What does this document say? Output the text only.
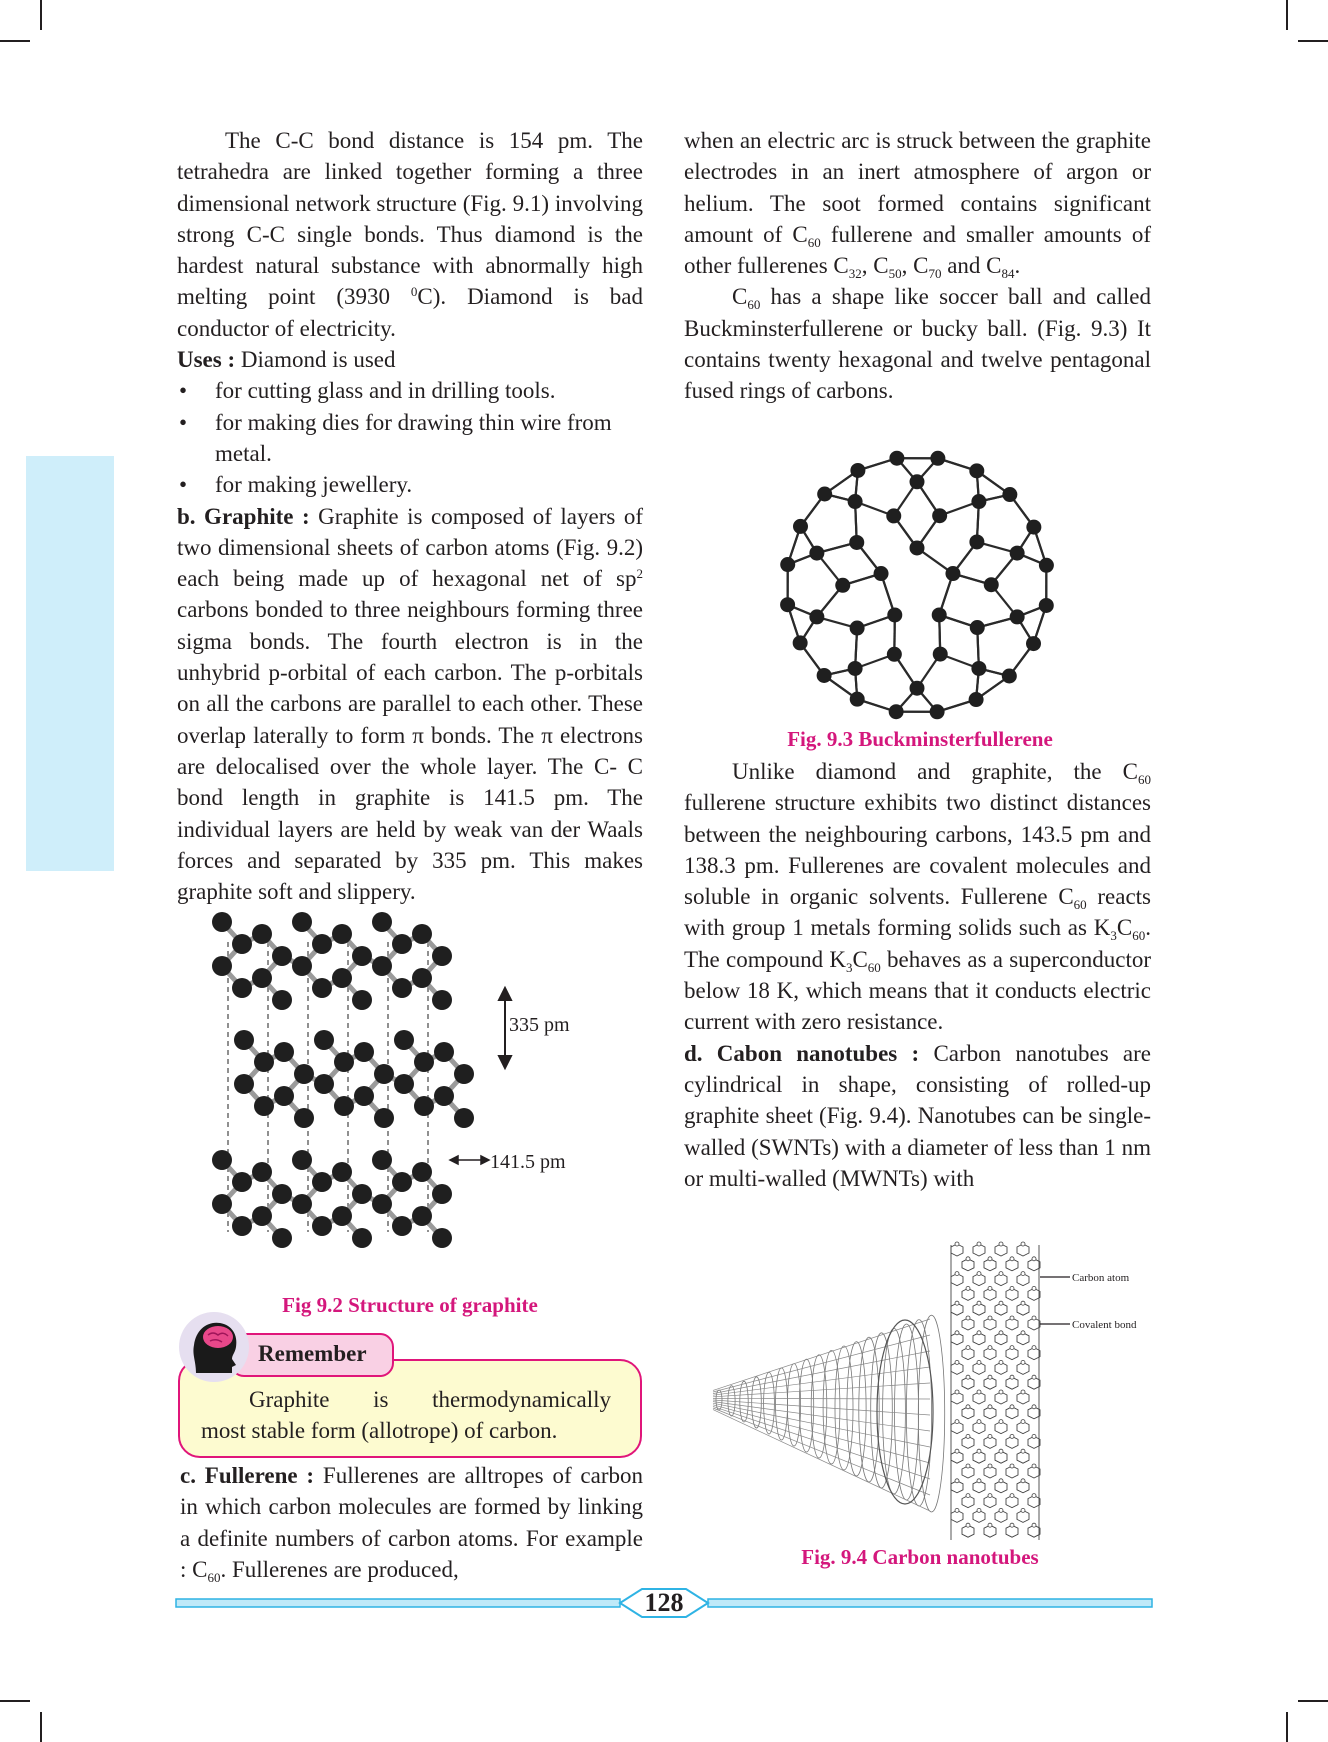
The C-C bond distance is 154 pm. The tetrahedra are linked together forming a three dimensional network structure (Fig. 9.1) involving strong C-C single bonds. Thus diamond is the hardest natural substance with abnormally high melting point (3930 $^0$C). Diamond is bad conductor of electricity.

Uses : Diamond is used

• for cutting glass and in drilling tools.
• for making dies for drawing thin wire from metal.
• for making jewellery.

b. Graphite : Graphite is composed of layers of two dimensional sheets of carbon atoms (Fig. 9.2) each being made up of hexagonal net of $sp^2$ carbons bonded to three neighbours forming three sigma bonds. The fourth electron is in the unhybrid p-orbital of each carbon. The p-orbitals on all the carbons are parallel to each other. These overlap laterally to form π bonds. The π electrons are delocalised over the whole layer. The C- C bond length in graphite is 141.5 pm. The individual layers are held by weak van der Waals forces and separated by 335 pm. This makes graphite soft and slippery.

335 pm
141.5 pm
Fig 9.2 Structure of graphite
Remember

Graphite is thermodynamically

most stable form (allotrope) of carbon.

c. Fullerene : Fullerenes are alltropes of carbon in which carbon molecules are formed by linking a definite numbers of carbon atoms. For example : $C_{60}$. Fullerenes are produced,

when an electric arc is struck between the graphite electrodes in an inert atmosphere of argon or helium. The soot formed contains significant amount of $C_{60}$ fullerene and smaller amounts of other fullerenes $C_{32}$, $C_{50}$, $C_{70}$ and $C_{84}$.

$C_{60}$ has a shape like soccer ball and called Buckminsterfullerene or bucky ball. (Fig. 9.3) It contains twenty hexagonal and twelve pentagonal fused rings of carbons.

Fig. 9.3 Buckminsterfullerene

Unlike diamond and graphite, the $C_{60}$ fullerene structure exhibits two distinct distances between the neighbouring carbons, 143.5 pm and 138.3 pm. Fullerenes are covalent molecules and soluble in organic solvents. Fullerene $C_{60}$ reacts with group 1 metals forming solids such as $K_3C_{60}$. The compound $K_3C_{60}$ behaves as a superconductor below 18 K, which means that it conducts electric current with zero resistance.

d. Cabon nanotubes : Carbon nanotubes are cylindrical in shape, consisting of rolled-up graphite sheet (Fig. 9.4). Nanotubes can be single-walled (SWNTs) with a diameter of less than 1 nm or multi-walled (MWNTs) with

Carbon atom
Covalent bond
Fig. 9.4 Carbon nanotubes
128
